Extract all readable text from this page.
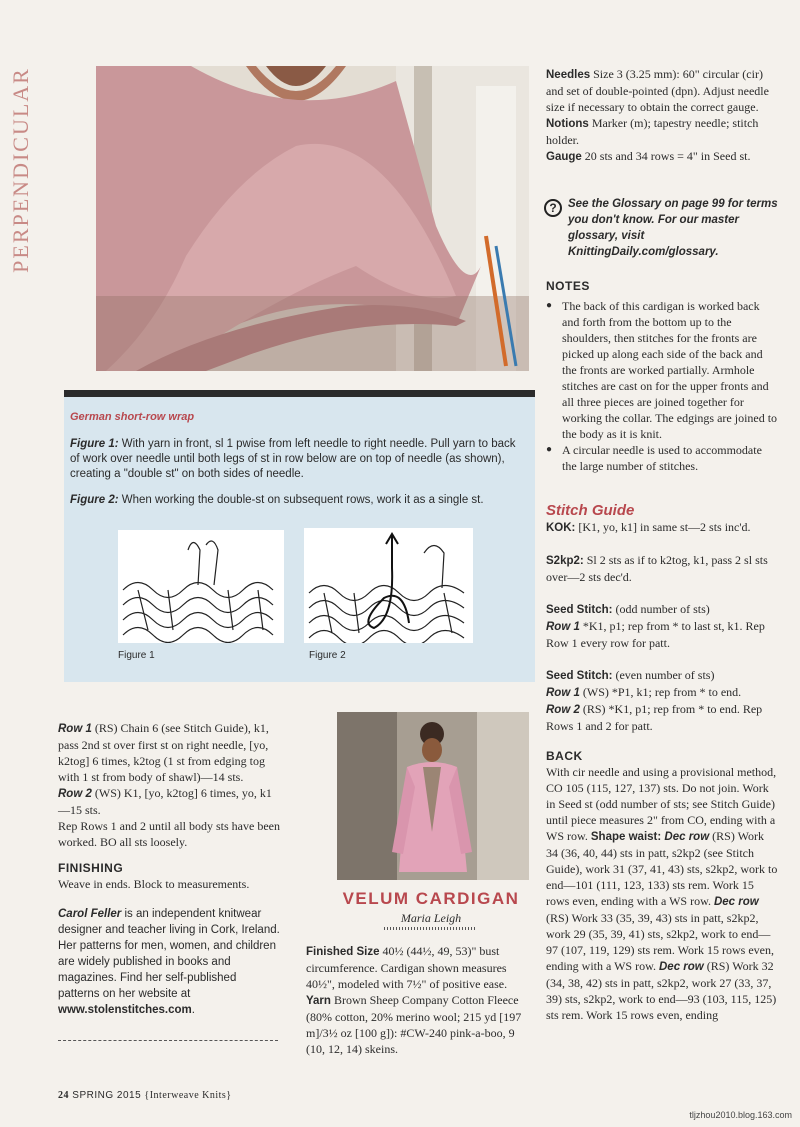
PERPENDICULAR
German short-row wrap
Figure 1: With yarn in front, sl 1 pwise from left needle to right needle. Pull yarn to back of work over needle until both legs of st in row below are on top of needle (as shown), creating a "double st" on both sides of needle.
Figure 2: When working the double-st on subsequent rows, work it as a single st.
Figure 1	Figure 2

Needles Size 3 (3.25 mm): 60" circular (cir) and set of double-pointed (dpn). Adjust needle size if necessary to obtain the correct gauge.

Notions Marker (m); tapestry needle; stitch holder.

Gauge 20 sts and 34 rows = 4" in Seed st.

? See the Glossary on page 99 for terms you don't know. For our master glossary, visit KnittingDaily.com/glossary.
NOTES
● The back of this cardigan is worked back and forth from the bottom up to the shoulders, then stitches for the fronts are picked up along each side of the back and the fronts are worked partially. Armhole stitches are cast on for the upper fronts and all three pieces are joined together for working the collar. The edgings are joined to the body as it is knit.
● A circular needle is used to accommodate the large number of stitches.
Stitch Guide

KOK: [K1, yo, k1] in same st—2 sts inc'd.

S2kp2: Sl 2 sts as if to k2tog, k1, pass 2 sl sts over—2 sts dec'd.

Seed Stitch: (odd number of sts)
Row 1 *K1, p1; rep from * to last st, k1. Rep Row 1 every row for patt.

Seed Stitch: (even number of sts)
Row 1 (WS) *P1, k1; rep from * to end.
Row 2 (RS) *K1, p1; rep from * to end. Rep Rows 1 and 2 for patt.

BACK

With cir needle and using a provisional method, CO 105 (115, 127, 137) sts. Do not join. Work in Seed st (odd number of sts; see Stitch Guide) until piece measures 2" from CO, ending with a WS row. Shape waist: Dec row (RS) Work 34 (36, 40, 44) sts in patt, s2kp2 (see Stitch Guide), work 31 (37, 41, 43) sts, s2kp2, work to end—101 (111, 123, 133) sts rem. Work 15 rows even, ending with a WS row. Dec row (RS) Work 33 (35, 39, 43) sts in patt, s2kp2, work 29 (35, 39, 41) sts, s2kp2, work to end—97 (107, 119, 129) sts rem. Work 15 rows even, ending with a WS row. Dec row (RS) Work 32 (34, 38, 42) sts in patt, s2kp2, work 27 (33, 37, 39) sts, s2kp2, work to end—93 (103, 115, 125) sts rem. Work 15 rows even, ending

Row 1 (RS) Chain 6 (see Stitch Guide), k1, pass 2nd st over first st on right needle, [yo, k2tog] 6 times, k2tog (1 st from edging tog with 1 st from body of shawl)—14 sts.

Row 2 (WS) K1, [yo, k2tog] 6 times, yo, k1—15 sts.

Rep Rows 1 and 2 until all body sts have been worked. BO all sts loosely.

FINISHING

Weave in ends. Block to measurements.

Carol Feller is an independent knitwear designer and teacher living in Cork, Ireland. Her patterns for men, women, and children are widely published in books and magazines. Find her self-published patterns on her website at www.stolenstitches.com.

VELUM CARDIGAN
Maria Leigh

Finished Size 40½ (44½, 49, 53)" bust circumference. Cardigan shown measures 40½", modeled with 7½" of positive ease.

Yarn Brown Sheep Company Cotton Fleece (80% cotton, 20% merino wool; 215 yd [197 m]/3½ oz [100 g]): #CW-240 pink-a-boo, 9 (10, 12, 14) skeins.

24 SPRING 2015 {Interweave Knits}
tljzhou2010.blog.163.com
